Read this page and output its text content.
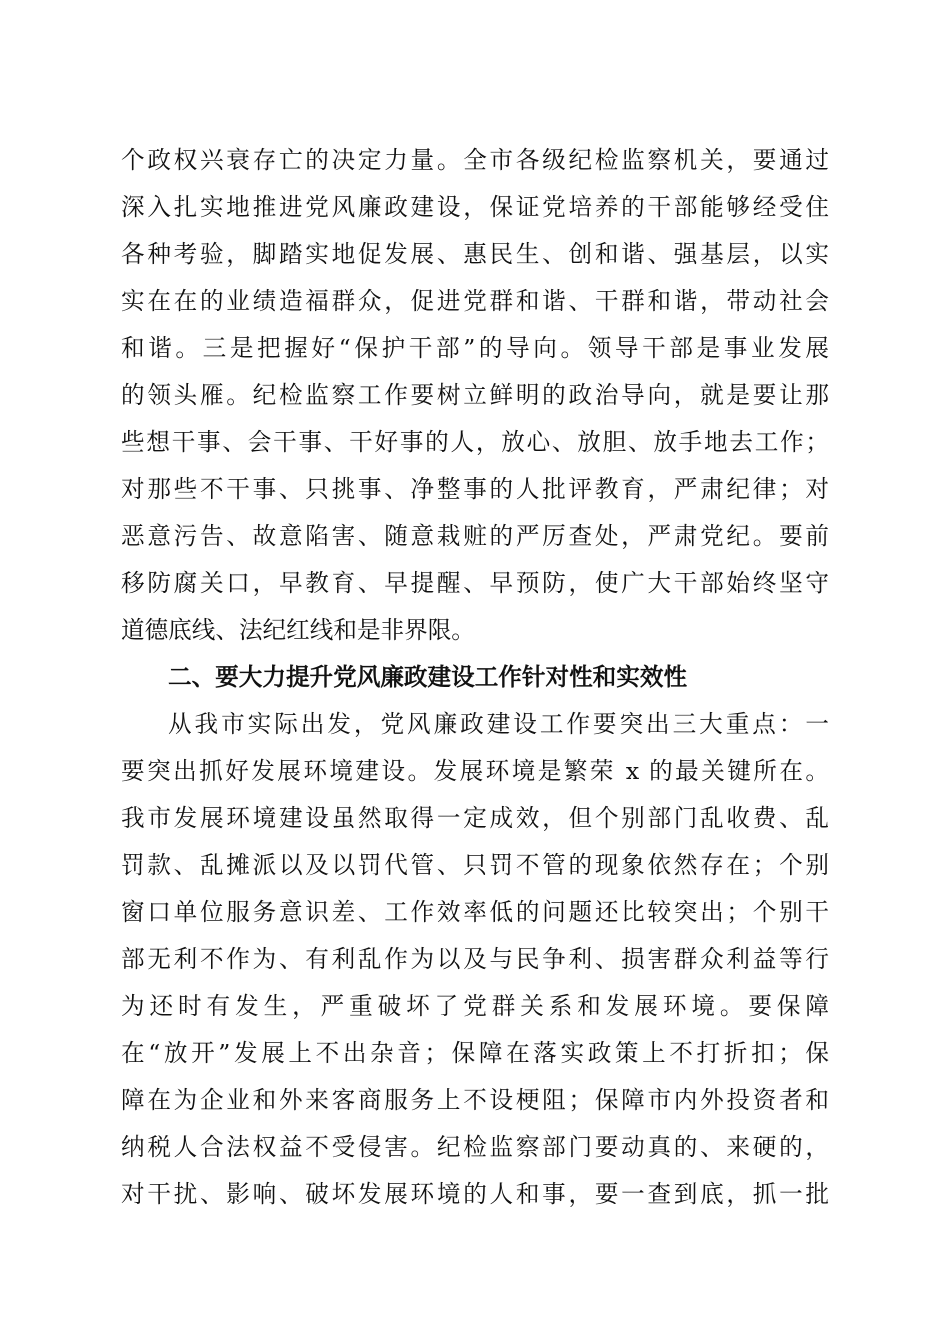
个政权兴衰存亡的决定力量。全市各级纪检监察机关，要通过
深入扎实地推进党风廉政建设，保证党培养的干部能够经受住
各种考验，脚踏实地促发展、惠民生、创和谐、强基层，以实
实在在的业绩造福群众，促进党群和谐、干群和谐，带动社会
和谐。三是把握好“保护干部”的导向。领导干部是事业发展
的领头雁。纪检监察工作要树立鲜明的政治导向，就是要让那
些想干事、会干事、干好事的人，放心、放胆、放手地去工作；
对那些不干事、只挑事、净整事的人批评教育，严肃纪律；对
恶意污告、故意陷害、随意栽赃的严厉查处，严肃党纪。要前
移防腐关口，早教育、早提醒、早预防，使广大干部始终坚守
道德底线、法纪红线和是非界限。
二、要大力提升党风廉政建设工作针对性和实效性
从我市实际出发，党风廉政建设工作要突出三大重点：一
要突出抓好发展环境建设。发展环境是繁荣 x 的最关键所在。
我市发展环境建设虽然取得一定成效，但个别部门乱收费、乱
罚款、乱摊派以及以罚代管、只罚不管的现象依然存在；个别
窗口单位服务意识差、工作效率低的问题还比较突出；个别干
部无利不作为、有利乱作为以及与民争利、损害群众利益等行
为还时有发生，严重破坏了党群关系和发展环境。要保障
在“放开”发展上不出杂音；保障在落实政策上不打折扣；保
障在为企业和外来客商服务上不设梗阻；保障市内外投资者和
纳税人合法权益不受侵害。纪检监察部门要动真的、来硬的，
对干扰、影响、破坏发展环境的人和事，要一查到底，抓一批
